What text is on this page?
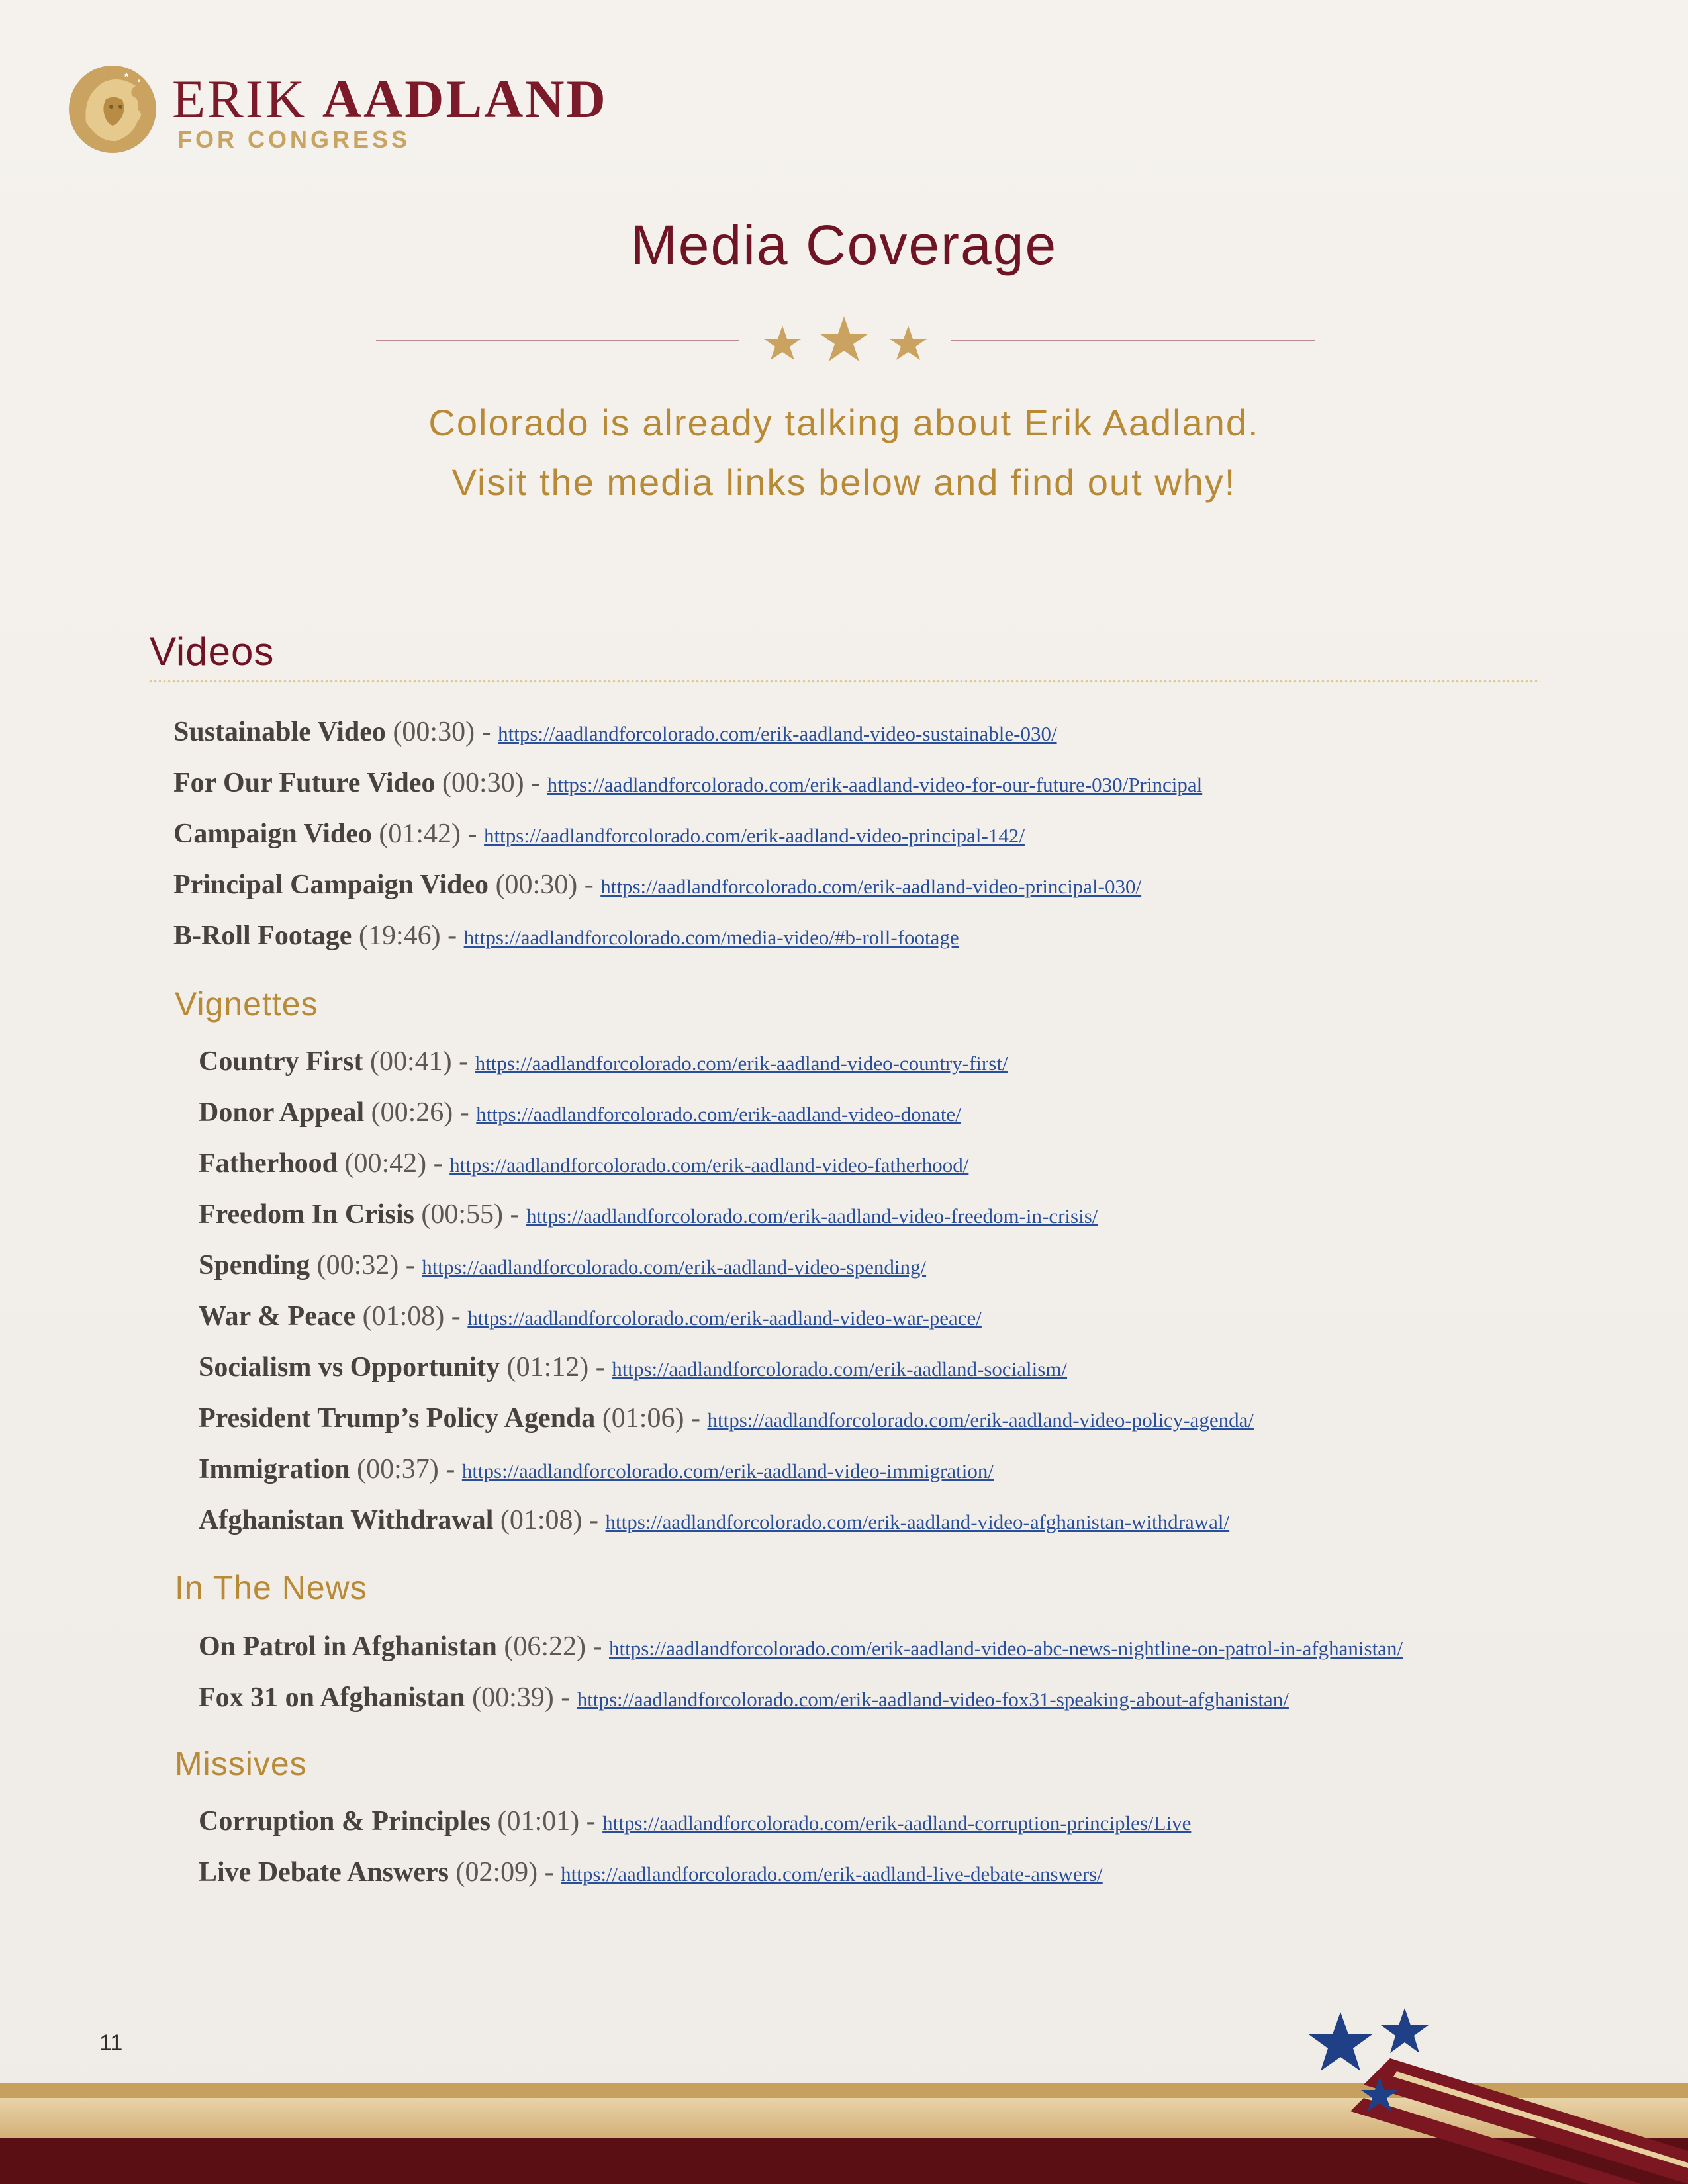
ERIK AADLAND
FOR CONGRESS
Media Coverage
Colorado is already talking about Erik Aadland.
Visit the media links below and find out why!
Videos
Sustainable Video (00:30) - https://aadlandforcolorado.com/erik-aadland-video-sustainable-030/
For Our Future Video (00:30) - https://aadlandforcolorado.com/erik-aadland-video-for-our-future-030/Principal
Campaign Video (01:42) - https://aadlandforcolorado.com/erik-aadland-video-principal-142/
Principal Campaign Video (00:30) - https://aadlandforcolorado.com/erik-aadland-video-principal-030/
B-Roll Footage (19:46) - https://aadlandforcolorado.com/media-video/#b-roll-footage
Vignettes
Country First (00:41) - https://aadlandforcolorado.com/erik-aadland-video-country-first/
Donor Appeal (00:26) - https://aadlandforcolorado.com/erik-aadland-video-donate/
Fatherhood (00:42) - https://aadlandforcolorado.com/erik-aadland-video-fatherhood/
Freedom In Crisis (00:55) - https://aadlandforcolorado.com/erik-aadland-video-freedom-in-crisis/
Spending (00:32) - https://aadlandforcolorado.com/erik-aadland-video-spending/
War & Peace (01:08) - https://aadlandforcolorado.com/erik-aadland-video-war-peace/
Socialism vs Opportunity (01:12) - https://aadlandforcolorado.com/erik-aadland-socialism/
President Trump’s Policy Agenda (01:06) - https://aadlandforcolorado.com/erik-aadland-video-policy-agenda/
Immigration (00:37) - https://aadlandforcolorado.com/erik-aadland-video-immigration/
Afghanistan Withdrawal (01:08) - https://aadlandforcolorado.com/erik-aadland-video-afghanistan-withdrawal/
In The News
On Patrol in Afghanistan (06:22) - https://aadlandforcolorado.com/erik-aadland-video-abc-news-nightline-on-patrol-in-afghanistan/
Fox 31 on Afghanistan (00:39) - https://aadlandforcolorado.com/erik-aadland-video-fox31-speaking-about-afghanistan/
Missives
Corruption & Principles (01:01) - https://aadlandforcolorado.com/erik-aadland-corruption-principles/Live
Live Debate Answers (02:09) - https://aadlandforcolorado.com/erik-aadland-live-debate-answers/
11
